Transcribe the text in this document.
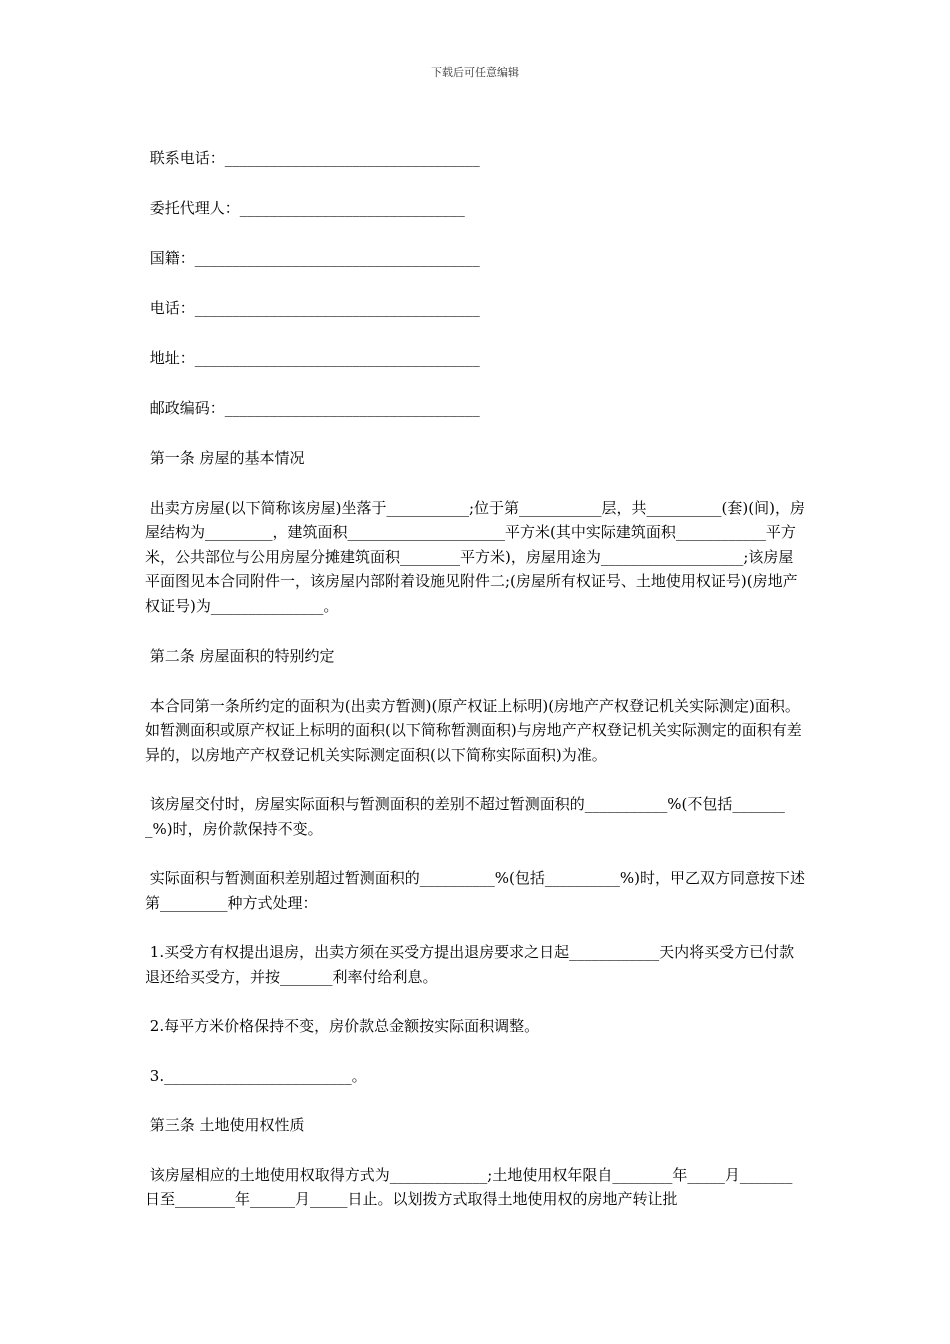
下载后可任意编辑

联系电话：__________________________________

委托代理人：______________________________

国籍：______________________________________

电话：______________________________________

地址：______________________________________

邮政编码：__________________________________

第一条 房屋的基本情况

出卖方房屋(以下简称该房屋)坐落于___________;位于第___________层，共__________(套)(间)，房屋结构为_________，建筑面积_____________________平方米(其中实际建筑面积____________平方米，公共部位与公用房屋分摊建筑面积________平方米)，房屋用途为___________________;该房屋平面图见本合同附件一，该房屋内部附着设施见附件二;(房屋所有权证号、土地使用权证号)(房地产权证号)为_______________。

第二条 房屋面积的特别约定

本合同第一条所约定的面积为(出卖方暂测)(原产权证上标明)(房地产产权登记机关实际测定)面积。如暂测面积或原产权证上标明的面积(以下简称暂测面积)与房地产产权登记机关实际测定的面积有差异的，以房地产产权登记机关实际测定面积(以下简称实际面积)为准。

该房屋交付时，房屋实际面积与暂测面积的差别不超过暂测面积的___________%(不包括________%)时，房价款保持不变。

实际面积与暂测面积差别超过暂测面积的__________%(包括__________%)时，甲乙双方同意按下述第_________种方式处理：

1.买受方有权提出退房，出卖方须在买受方提出退房要求之日起____________天内将买受方已付款退还给买受方，并按_______利率付给利息。

2.每平方米价格保持不变，房价款总金额按实际面积调整。

3._________________________。

第三条 土地使用权性质

该房屋相应的土地使用权取得方式为_____________;土地使用权年限自________年_____月_______日至________年______月_____日止。以划拨方式取得土地使用权的房地产转让批
